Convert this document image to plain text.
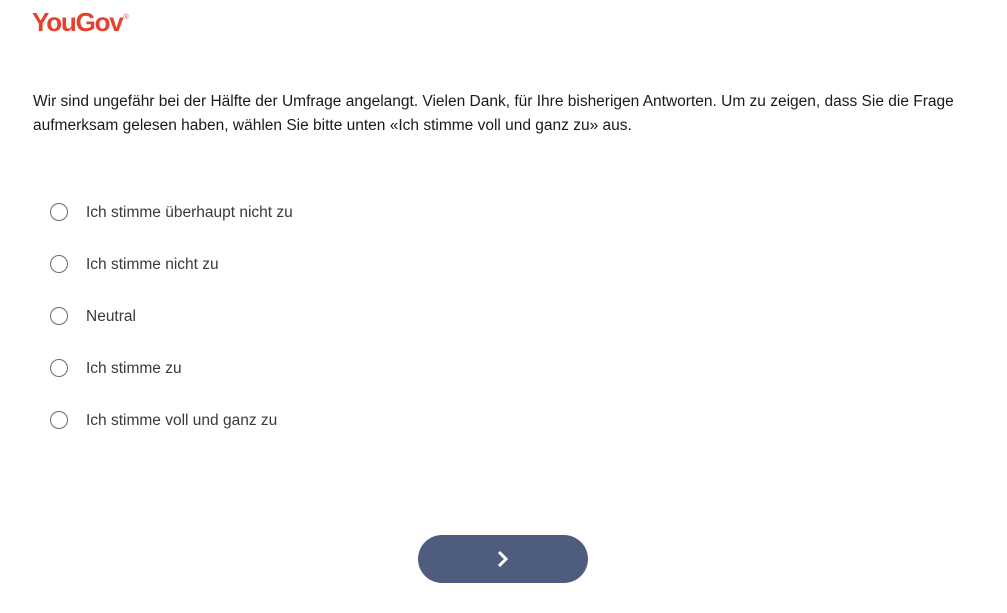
YouGov®
Wir sind ungefähr bei der Hälfte der Umfrage angelangt. Vielen Dank, für Ihre bisherigen Antworten. Um zu zeigen, dass Sie die Frage aufmerksam gelesen haben, wählen Sie bitte unten «Ich stimme voll und ganz zu» aus.
Ich stimme überhaupt nicht zu
Ich stimme nicht zu
Neutral
Ich stimme zu
Ich stimme voll und ganz zu
